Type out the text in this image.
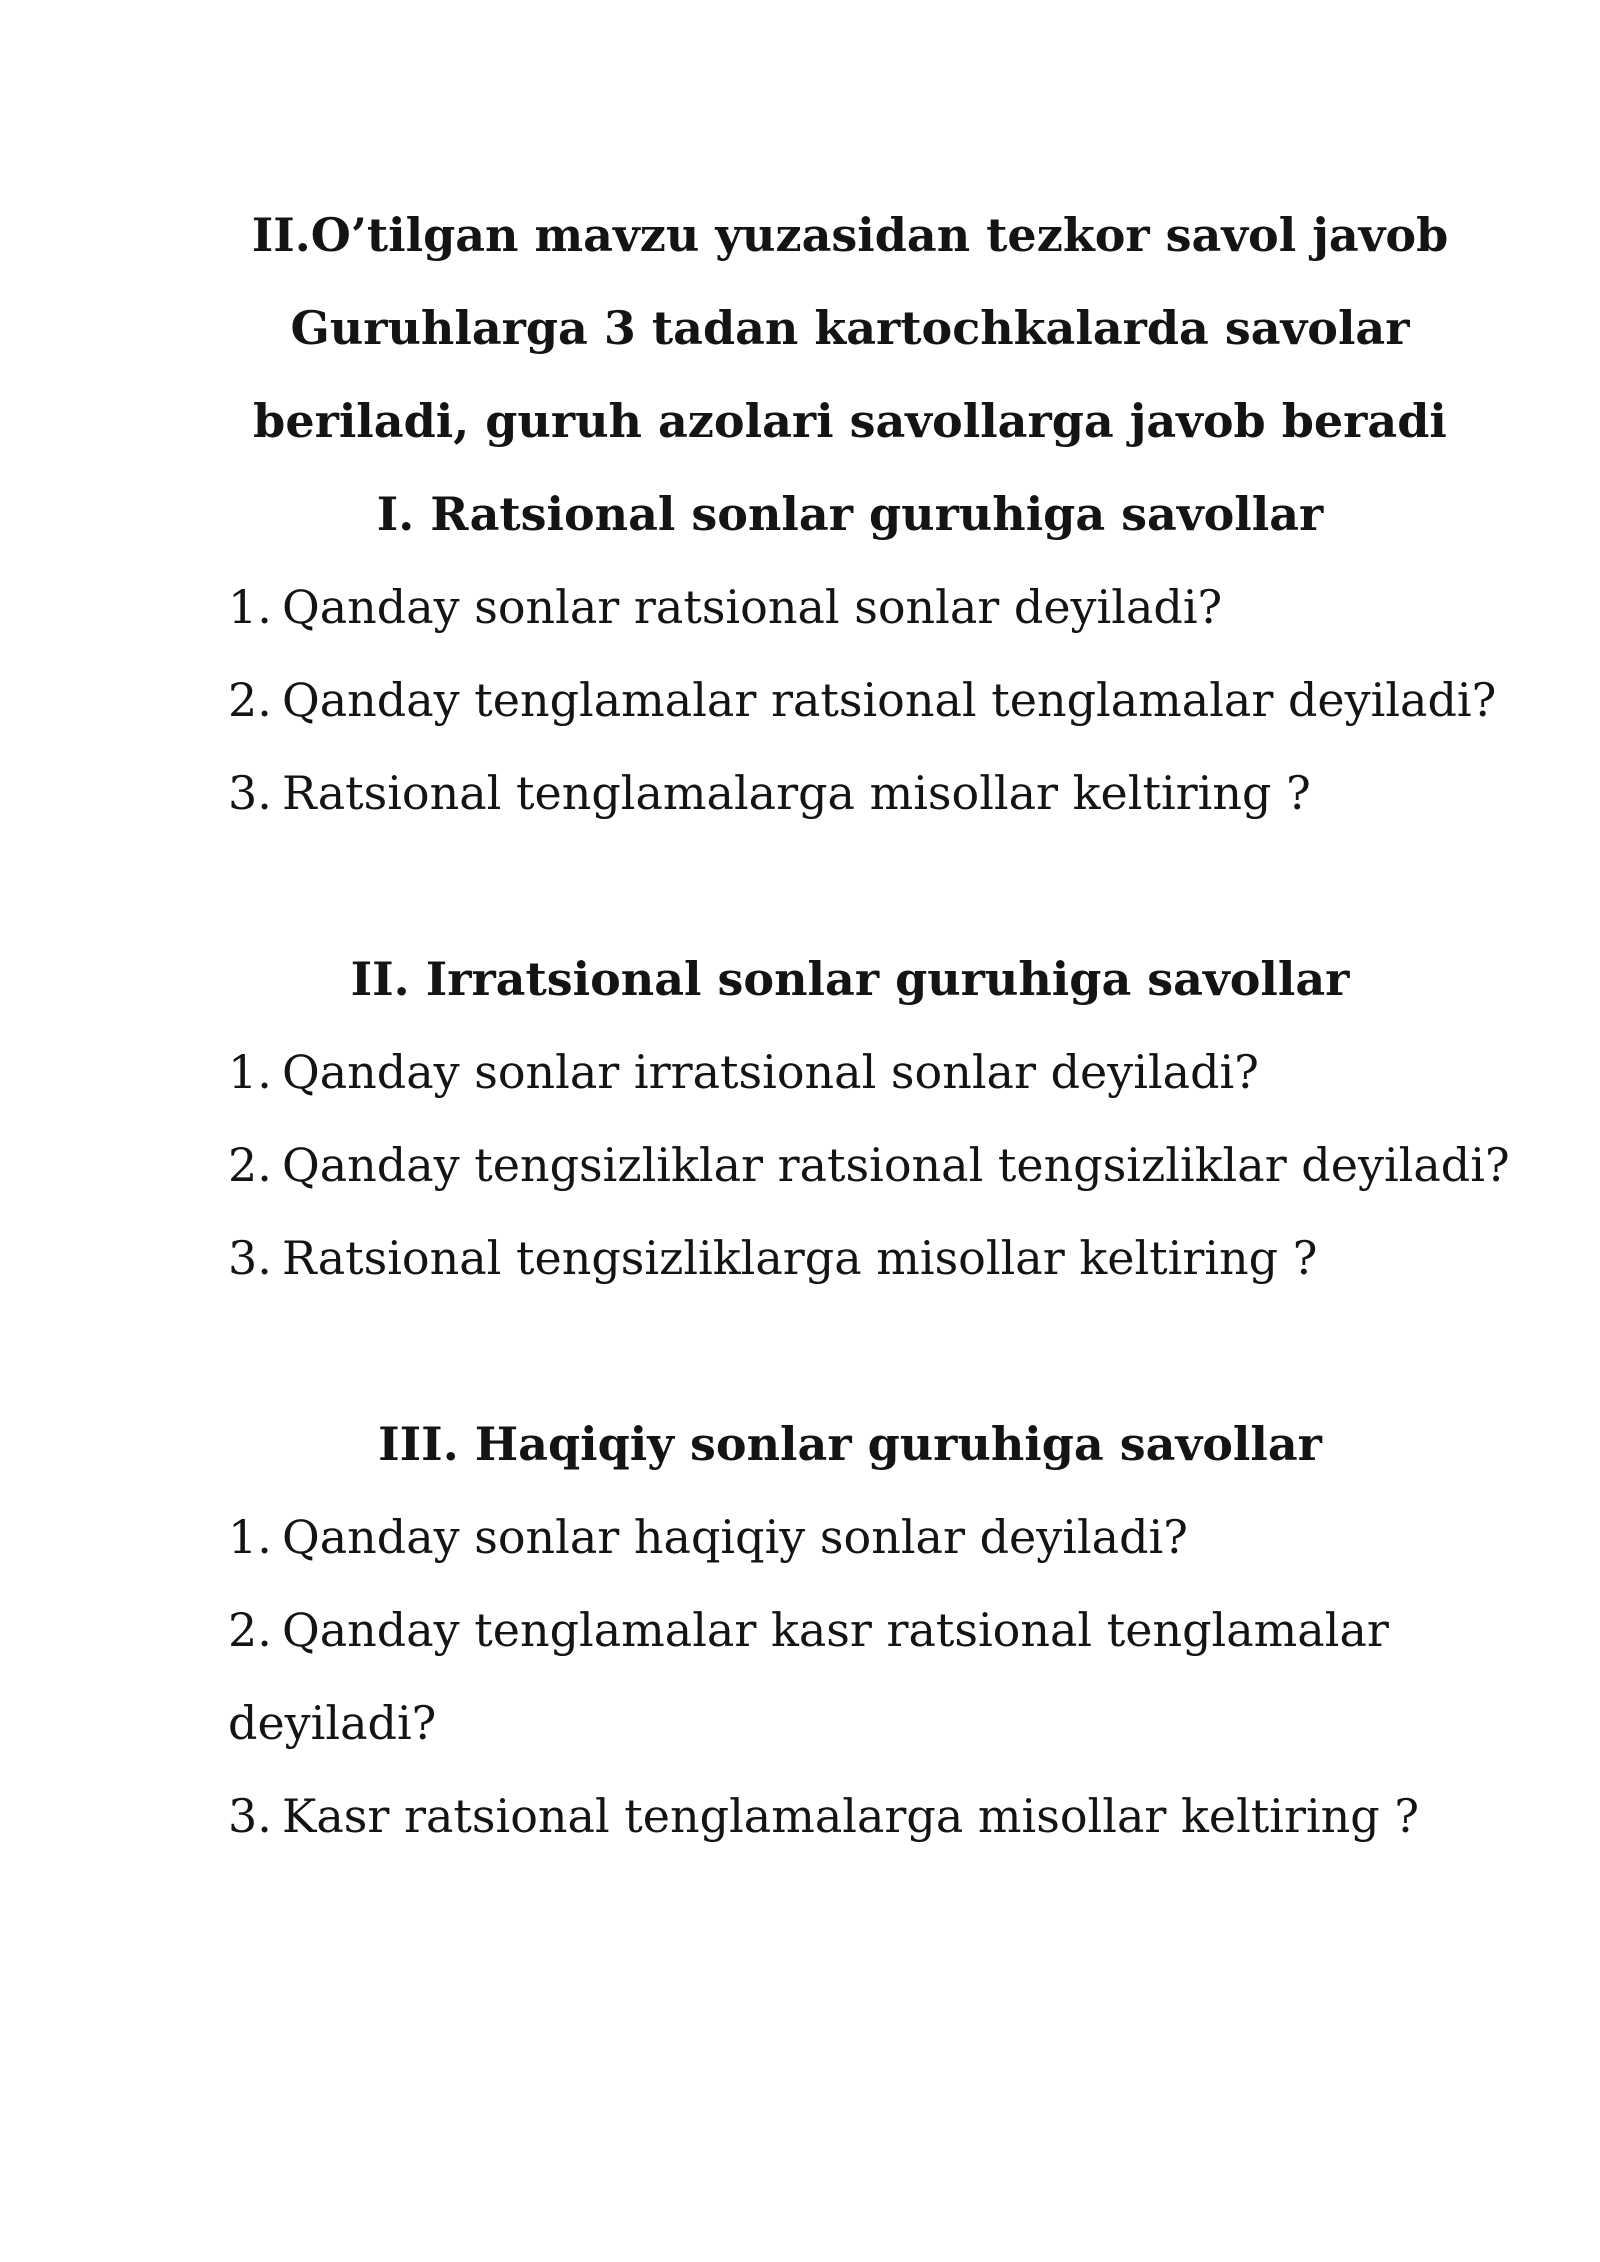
II.O’tilgan mavzu yuzasidan tezkor savol javob

Guruhlarga 3 tadan kartochkalarda savolar

beriladi, guruh azolari savollarga javob beradi

I. Ratsional sonlar guruhiga savollar

1. Qanday sonlar ratsional sonlar deyiladi?

2. Qanday tenglamalar ratsional tenglamalar deyiladi?

3. Ratsional tenglamalarga misollar keltiring ?

II. Irratsional sonlar guruhiga savollar

1. Qanday sonlar irratsional sonlar deyiladi?

2. Qanday tengsizliklar ratsional tengsizliklar deyiladi?

3. Ratsional tengsizliklarga misollar keltiring ?

III. Haqiqiy sonlar guruhiga savollar

1. Qanday sonlar haqiqiy sonlar deyiladi?

2. Qanday tenglamalar kasr ratsional tenglamalar

deyiladi?

3. Kasr ratsional tenglamalarga misollar keltiring ?
